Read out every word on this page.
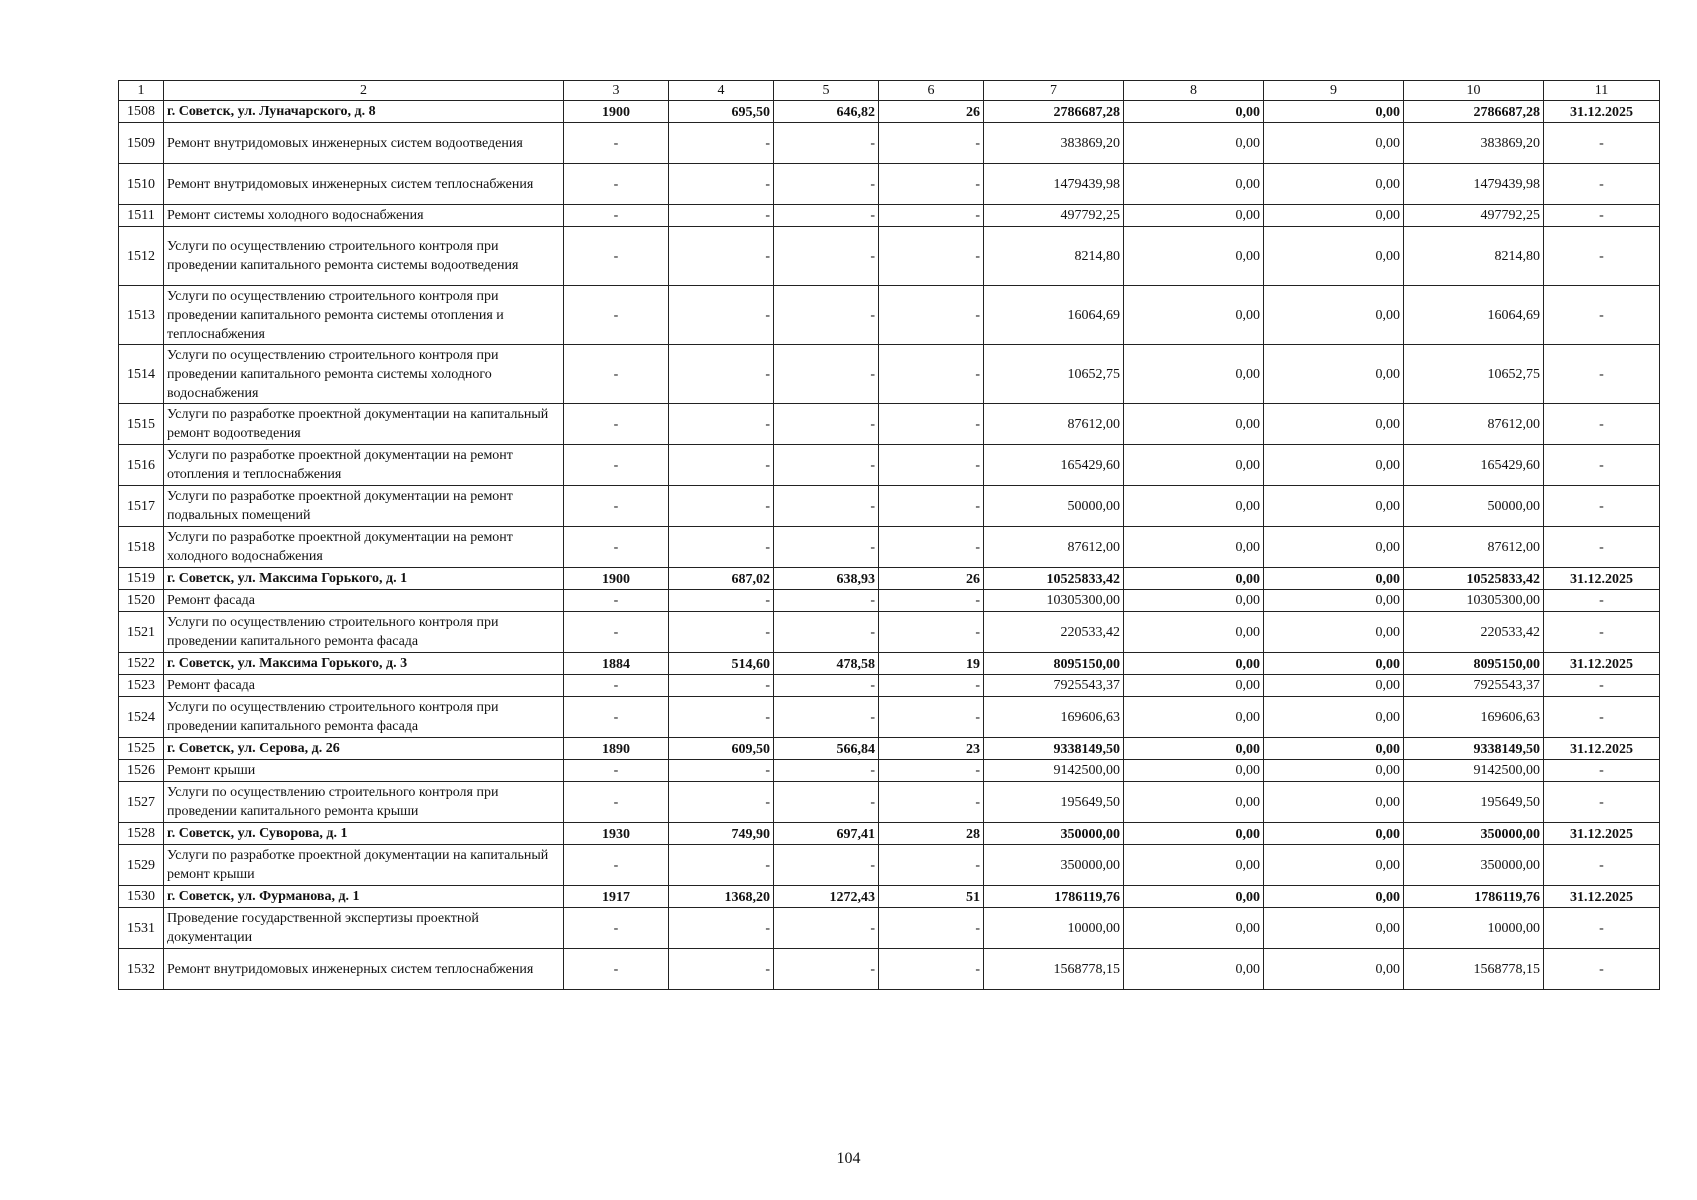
1	2	3	4	5	6	7	8	9	10	11
1508	г. Советск, ул. Луначарского, д. 8	1900	695,50	646,82	26	2786687,28	0,00	0,00	2786687,28	31.12.2025
1509	Ремонт внутридомовых инженерных систем водоотведения	-	-	-	-	383869,20	0,00	0,00	383869,20	-
1510	Ремонт внутридомовых инженерных систем теплоснабжения	-	-	-	-	1479439,98	0,00	0,00	1479439,98	-
1511	Ремонт системы холодного водоснабжения	-	-	-	-	497792,25	0,00	0,00	497792,25	-
1512	Услуги по осуществлению строительного контроля при проведении капитального ремонта системы водоотведения	-	-	-	-	8214,80	0,00	0,00	8214,80	-
1513	Услуги по осуществлению строительного контроля при проведении капитального ремонта системы отопления и теплоснабжения	-	-	-	-	16064,69	0,00	0,00	16064,69	-
1514	Услуги по осуществлению строительного контроля при проведении капитального ремонта системы холодного водоснабжения	-	-	-	-	10652,75	0,00	0,00	10652,75	-
1515	Услуги по разработке проектной документации на капитальный ремонт водоотведения	-	-	-	-	87612,00	0,00	0,00	87612,00	-
1516	Услуги по разработке проектной документации на ремонт отопления и теплоснабжения	-	-	-	-	165429,60	0,00	0,00	165429,60	-
1517	Услуги по разработке проектной документации на ремонт подвальных помещений	-	-	-	-	50000,00	0,00	0,00	50000,00	-
1518	Услуги по разработке проектной документации на ремонт холодного водоснабжения	-	-	-	-	87612,00	0,00	0,00	87612,00	-
1519	г. Советск, ул. Максима Горького, д. 1	1900	687,02	638,93	26	10525833,42	0,00	0,00	10525833,42	31.12.2025
1520	Ремонт фасада	-	-	-	-	10305300,00	0,00	0,00	10305300,00	-
1521	Услуги по осуществлению строительного контроля при проведении капитального ремонта фасада	-	-	-	-	220533,42	0,00	0,00	220533,42	-
1522	г. Советск, ул. Максима Горького, д. 3	1884	514,60	478,58	19	8095150,00	0,00	0,00	8095150,00	31.12.2025
1523	Ремонт фасада	-	-	-	-	7925543,37	0,00	0,00	7925543,37	-
1524	Услуги по осуществлению строительного контроля при проведении капитального ремонта фасада	-	-	-	-	169606,63	0,00	0,00	169606,63	-
1525	г. Советск, ул. Серова, д. 26	1890	609,50	566,84	23	9338149,50	0,00	0,00	9338149,50	31.12.2025
1526	Ремонт крыши	-	-	-	-	9142500,00	0,00	0,00	9142500,00	-
1527	Услуги по осуществлению строительного контроля при проведении капитального ремонта крыши	-	-	-	-	195649,50	0,00	0,00	195649,50	-
1528	г. Советск, ул. Суворова, д. 1	1930	749,90	697,41	28	350000,00	0,00	0,00	350000,00	31.12.2025
1529	Услуги по разработке проектной документации на капитальный ремонт крыши	-	-	-	-	350000,00	0,00	0,00	350000,00	-
1530	г. Советск, ул. Фурманова, д. 1	1917	1368,20	1272,43	51	1786119,76	0,00	0,00	1786119,76	31.12.2025
1531	Проведение государственной экспертизы проектной документации	-	-	-	-	10000,00	0,00	0,00	10000,00	-
1532	Ремонт внутридомовых инженерных систем теплоснабжения	-	-	-	-	1568778,15	0,00	0,00	1568778,15	-
104
